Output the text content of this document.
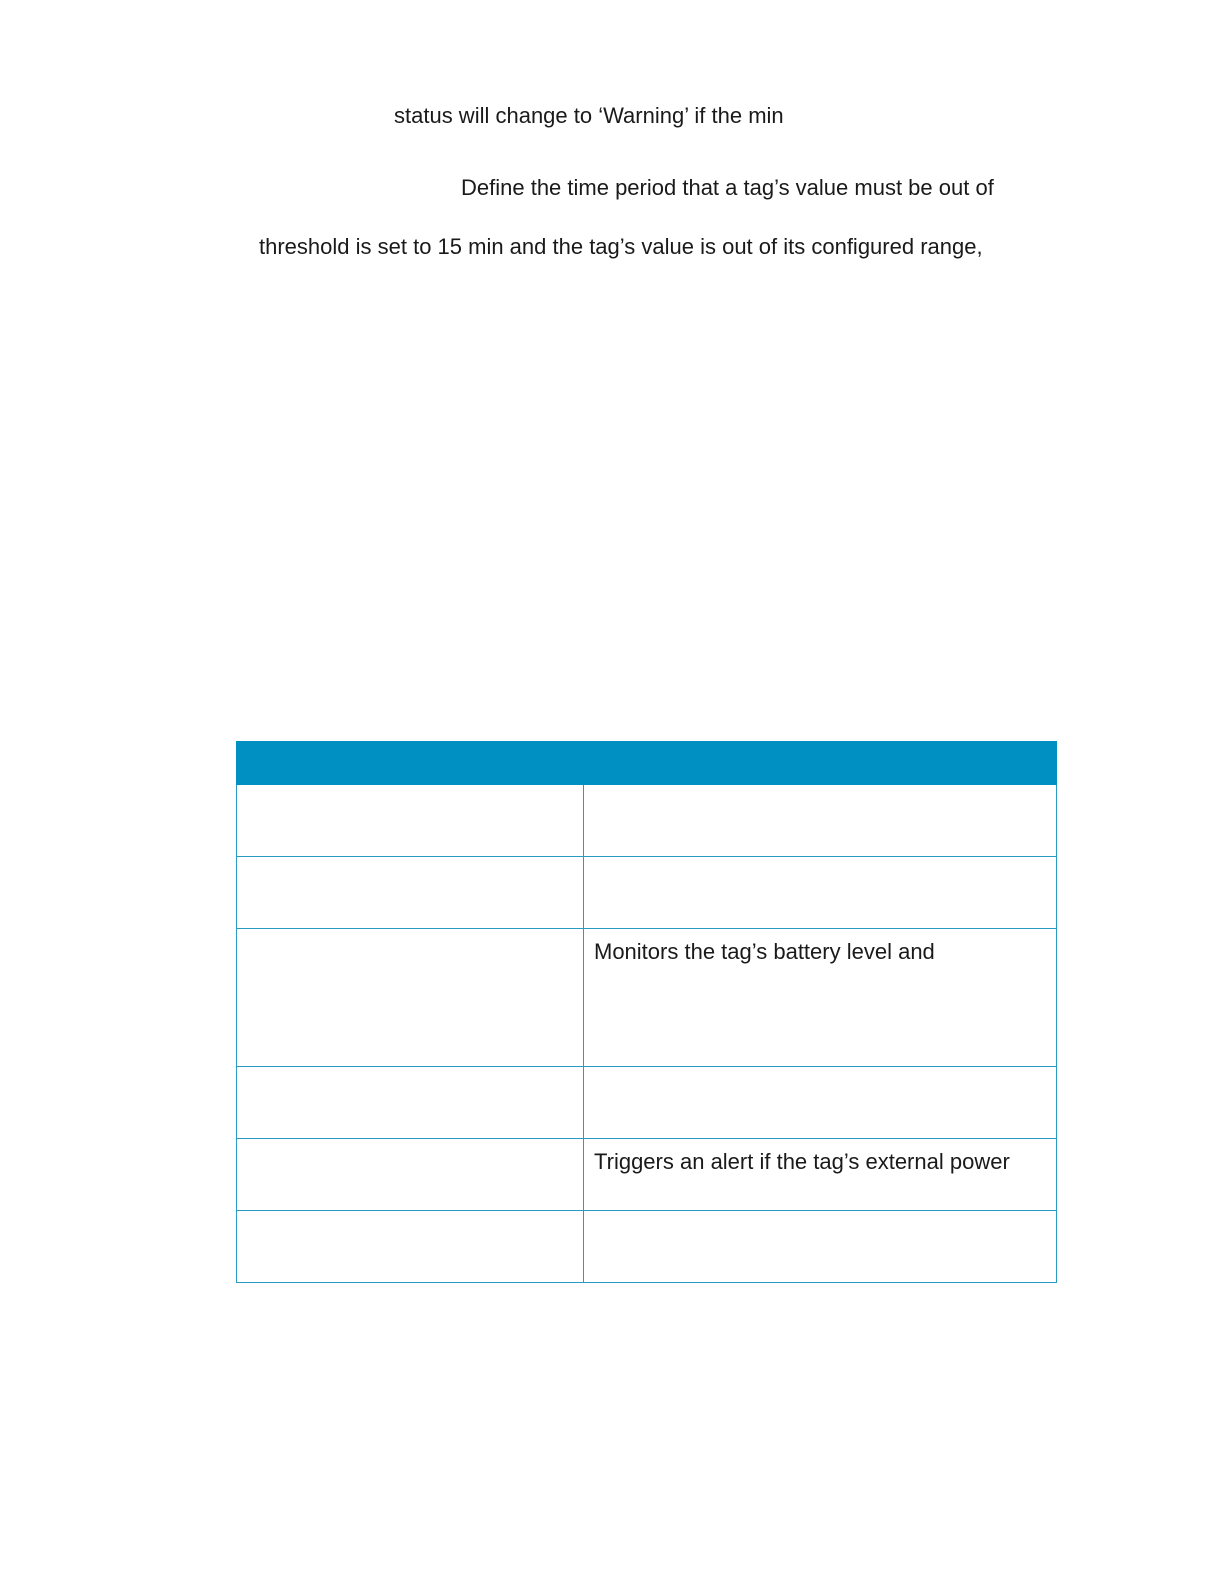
status will change to ‘Warning’ if the min
Define the time period that a tag’s value must be out of
threshold is set to 15 min and the tag’s value is out of its configured range,

	Monitors the tag’s battery level and

	Triggers an alert if the tag’s external power
